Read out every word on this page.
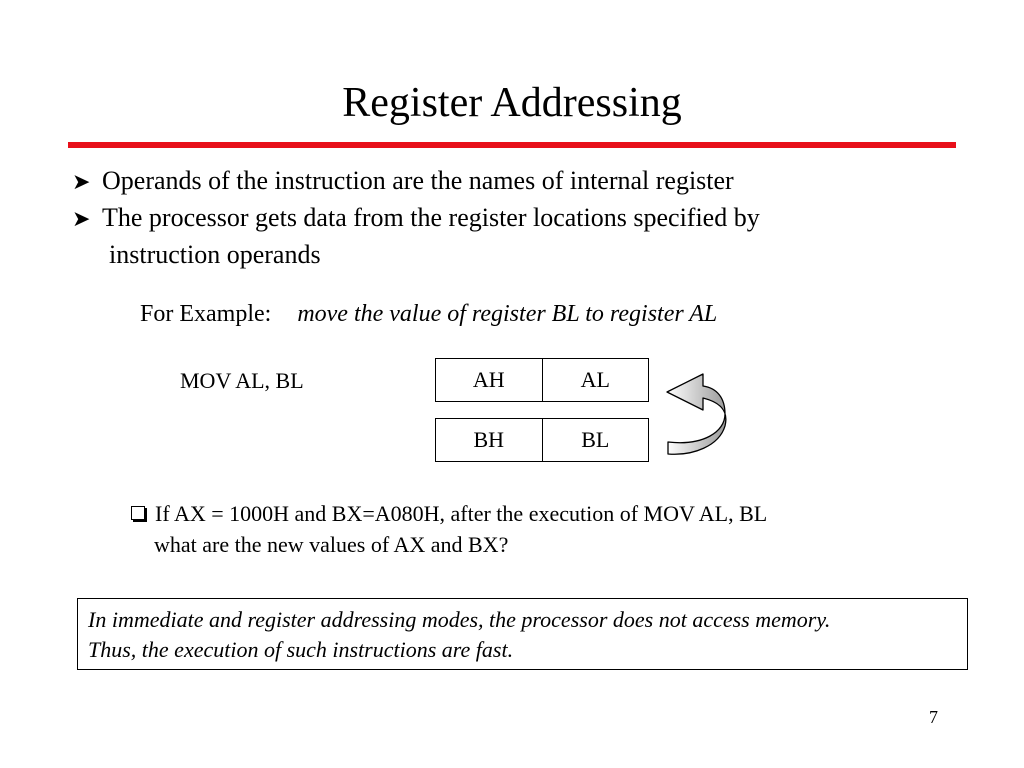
Register Addressing
➤ Operands of the instruction are the names of internal register
➤ The processor gets data from the register locations specified by
instruction operands
For Example: move the value of register BL to register AL
MOV AL, BL	AH	AL
BH	BL
If AX = 1000H and BX=A080H, after the execution of MOV AL, BL
what are the new values of AX and BX?
In immediate and register addressing modes, the processor does not access memory.
Thus, the execution of such instructions are fast.
7
